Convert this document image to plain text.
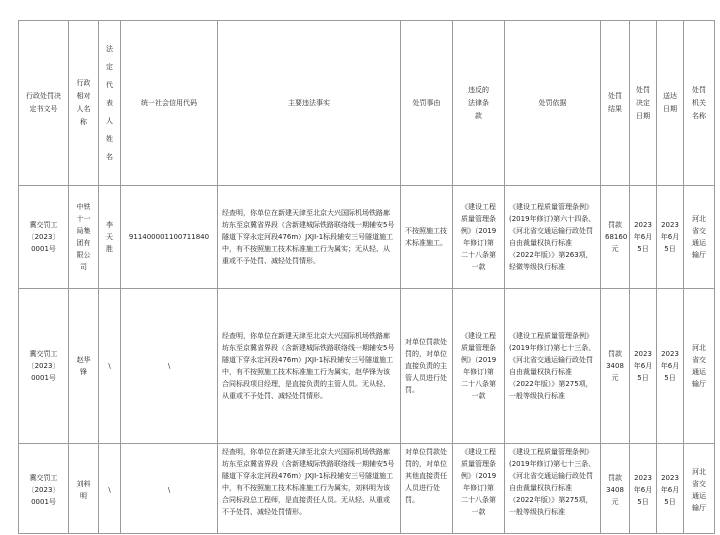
行政处罚决定书文号	行政相对人名称	法定代表人姓名	统一社会信用代码	主要违法事实	处罚事由	违反的法律条款	处罚依据	处罚结果	处罚决定日期	送达日期	处罚机关名称
冀交罚工〔2023〕0001号	中铁十一局集团有限公司	李天胜	91140000110071184​0	经查明，你单位在新建天津至北京大兴国际机场铁路廊坊东至京冀省界段（含新建城际铁路联络线一期辅安5号隧道下穿永定河段476m）JXJI-1标段辅安三号隧道施工中，有不按照施工技术标准施工行为属实；无从轻、从重或不予处罚、减轻处罚情形。	不按照施工技术标准施工。	《建设工程质量管理条例》（2019年修订)第二十八条第一款	《建设工程质量管理条例》(2019年修订)第六十四条、《河北省交通运输行政处罚自由裁量权执行标准（2022年版）》第263项，轻微等级执行标准	罚款68160元	2023年6月5日	2023年6月5日	河北省交通运输厅
冀交罚工〔2023〕0001号	赵华锋	\	\	经查明，你单位在新建天津至北京大兴国际机场铁路廊坊东至京冀省界段（含新建城际铁路联络线一期辅安5号隧道下穿永定河段476m）JXJI-1标段辅安三号隧道施工中，有不按照施工技术标准施工行为属实，赵华锋为该合同标段项目经理，是直接负责的主管人员。无从轻、从重或不予处罚、减轻处罚情形。	对单位罚款处罚的，对单位直接负责的主管人员进行处罚。	《建设工程质量管理条例》（2019年修订)第二十八条第一款	《建设工程质量管理条例》(2019年修订)第七十三条、《河北省交通运输行政处罚自由裁量权执行标准（2022年版）》第275项，一般等级执行标准	罚款3408元	2023年6月5日	2023年6月5日	河北省交通运输厅
冀交罚工〔2023〕0001号	刘料明	\	\	经查明，你单位在新建天津至北京大兴国际机场铁路廊坊东至京冀省界段（含新建城际铁路联络线一期辅安5号隧道下穿永定河段476m）JXJI-1标段辅安三号隧道施工中，有不按照施工技术标准施工行为属实，刘料明为该合同标段总工程师，是直接责任人员。无从轻、从重或不予处罚、减轻处罚情形。	对单位罚款处罚的，对单位其他直接责任人员进行处罚。	《建设工程质量管理条例》（2019年修订)第二十八条第一款	《建设工程质量管理条例》(2019年修订)第七十三条、《河北省交通运输行政处罚自由裁量权执行标准（2022年版）》第275项，一般等级执行标准	罚款3408元	2023年6月5日	2023年6月5日	河北省交通运输厅
